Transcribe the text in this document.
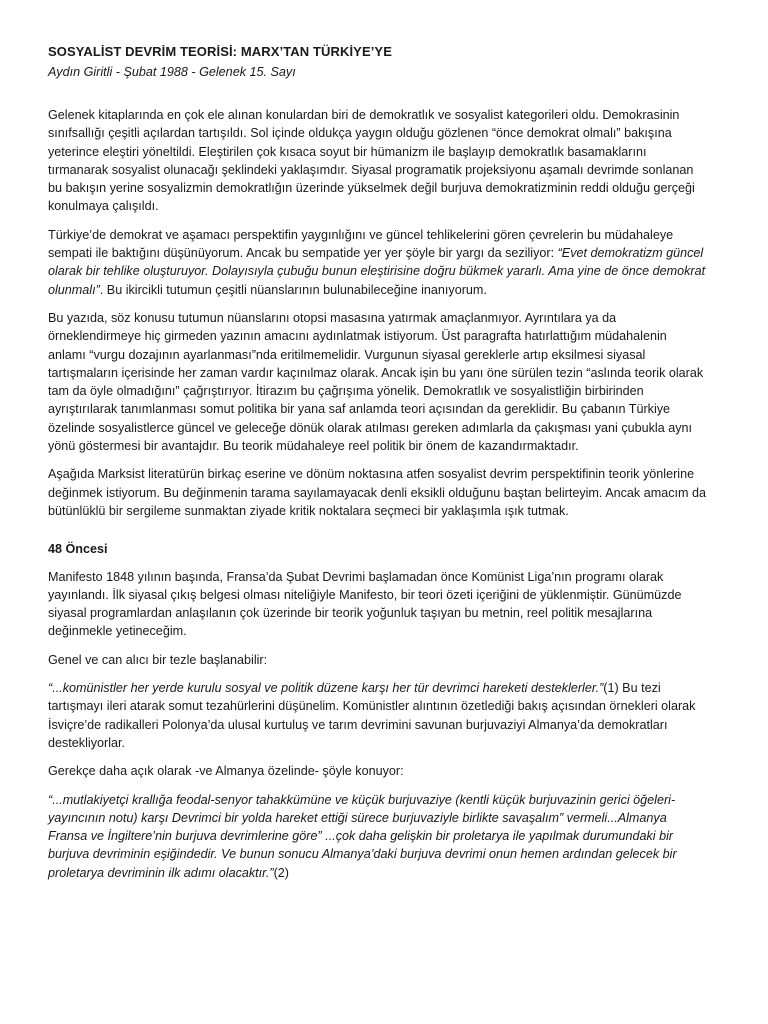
SOSYALİST DEVRİM TEORİSİ: MARX’TAN TÜRKİYE’YE
Aydın Giritli - Şubat 1988 - Gelenek 15. Sayı

Gelenek kitaplarında en çok ele alınan konulardan biri de demokratlık ve sosyalist kategorileri oldu. Demokrasinin sınıfsallığı çeşitli açılardan tartışıldı. Sol içinde oldukça yaygın olduğu gözlenen “önce demokrat olmalı” bakışına yeterince eleştiri yöneltildi. Eleştirilen çok kısaca soyut bir hümanizm ile başlayıp demokratlık basamaklarını tırmanarak sosyalist olunacağı şeklindeki yaklaşımdır. Siyasal programatik projeksiyonu aşamalı devrimde sonlanan bu bakışın yerine sosyalizmin demokratlığın üzerinde yükselmek değil burjuva demokratizminin reddi olduğu gerçeği konulmaya çalışıldı.

Türkiye’de demokrat ve aşamacı perspektifin yaygınlığını ve güncel tehlikelerini gören çevrelerin bu müdahaleye sempati ile baktığını düşünüyorum. Ancak bu sempatide yer yer şöyle bir yargı da seziliyor: “Evet demokratizm güncel olarak bir tehlike oluşturuyor. Dolayısıyla çubuğu bunun eleştirisine doğru bükmek yararlı. Ama yine de önce demokrat olunmalı”. Bu ikircikli tutumun çeşitli nüanslarının bulunabileceğine inanıyorum.

Bu yazıda, söz konusu tutumun nüanslarını otopsi masasına yatırmak amaçlanmıyor. Ayrıntılara ya da örneklendirmeye hiç girmeden yazının amacını aydınlatmak istiyorum. Üst paragrafta hatırlattığım müdahalenin anlamı “vurgu dozajının ayarlanması”nda eritilmemelidir. Vurgunun siyasal gereklerle artıp eksilmesi siyasal tartışmaların içerisinde her zaman vardır kaçınılmaz olarak. Ancak işin bu yanı öne sürülen tezin “aslında teorik olarak tam da öyle olmadığını” çağrıştırıyor. İtirazım bu çağrışıma yönelik. Demokratlık ve sosyalistliğin birbirinden ayrıştırılarak tanımlanması somut politika bir yana saf anlamda teori açısından da gereklidir. Bu çabanın Türkiye özelinde sosyalistlerce güncel ve geleceğe dönük olarak atılması gereken adımlarla da çakışması yani çubukla aynı yönü göstermesi bir avantajdır. Bu teorik müdahaleye reel politik bir önem de kazandırmaktadır.

Aşağıda Marksist literatürün birkaç eserine ve dönüm noktasına atfen sosyalist devrim perspektifinin teorik yönlerine değinmek istiyorum. Bu değinmenin tarama sayılamayacak denli eksikli olduğunu baştan belirteyim. Ancak amacım da bütünlüklü bir sergileme sunmaktan ziyade kritik noktalara seçmeci bir yaklaşımla ışık tutmak.

48 Öncesi

Manifesto 1848 yılının başında, Fransa’da Şubat Devrimi başlamadan önce Komünist Liga’nın programı olarak yayınlandı. İlk siyasal çıkış belgesi olması niteliğiyle Manifesto, bir teori özeti içeriğini de yüklenmiştir. Günümüzde siyasal programlardan anlaşılanın çok üzerinde bir teorik yoğunluk taşıyan bu metnin, reel politik mesajlarına değinmekle yetineceğim.

Genel ve can alıcı bir tezle başlanabilir:

“...komünistler her yerde kurulu sosyal ve politik düzene karşı her tür devrimci hareketi desteklerler.”(1) Bu tezi tartışmayı ileri atarak somut tezahürlerini düşünelim. Komünistler alıntının özetlediği bakış açısından örnekleri olarak İsviçre’de radikalleri Polonya’da ulusal kurtuluş ve tarım devrimini savunan burjuvaziyi Almanya’da demokratları destekliyorlar.

Gerekçe daha açık olarak -ve Almanya özelinde- şöyle konuyor:

“...mutlakiyetçi krallığa feodal-senyor tahakkümüne ve küçük burjuvaziye (kentli küçük burjuvazinin gerici öğeleri-yayıncının notu) karşı Devrimci bir yolda hareket ettiği sürece burjuvaziyle birlikte savaşalım” vermeli...Almanya Fransa ve İngiltere’nin burjuva devrimlerine göre” ...çok daha gelişkin bir proletarya ile yapılmak durumundaki bir burjuva devriminin eşiğindedir. Ve bunun sonucu Almanya’daki burjuva devrimi onun hemen ardından gelecek bir proletarya devriminin ilk adımı olacaktır.”(2)
